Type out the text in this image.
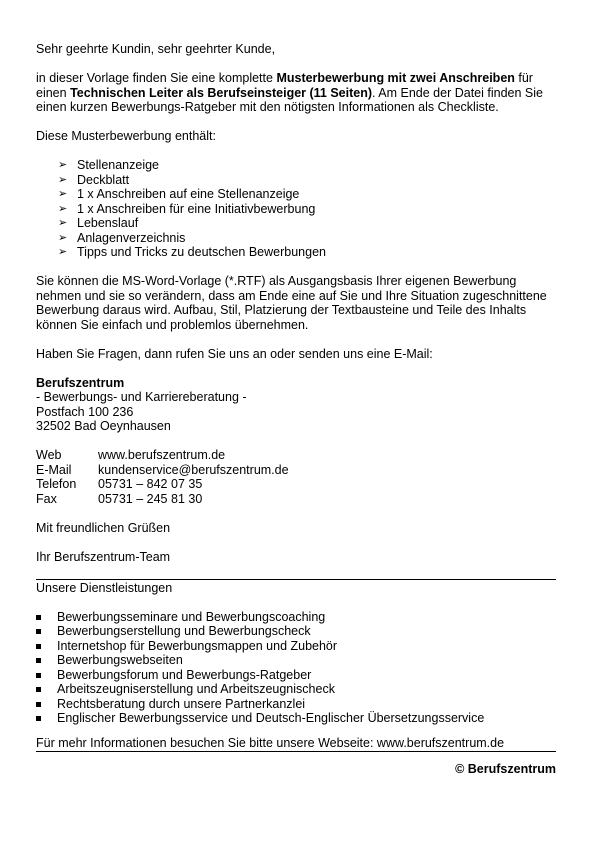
Sehr geehrte Kundin, sehr geehrter Kunde,

in dieser Vorlage finden Sie eine komplette Musterbewerbung mit zwei Anschreiben für einen Technischen Leiter als Berufseinsteiger (11 Seiten). Am Ende der Datei finden Sie einen kurzen Bewerbungs-Ratgeber mit den nötigsten Informationen als Checkliste.

Diese Musterbewerbung enthält:

➢ Stellenanzeige
➢ Deckblatt
➢ 1 x Anschreiben auf eine Stellenanzeige
➢ 1 x Anschreiben für eine Initiativbewerbung
➢ Lebenslauf
➢ Anlagenverzeichnis
➢ Tipps und Tricks zu deutschen Bewerbungen

Sie können die MS-Word-Vorlage (*.RTF) als Ausgangsbasis Ihrer eigenen Bewerbung nehmen und sie so verändern, dass am Ende eine auf Sie und Ihre Situation zugeschnittene Bewerbung daraus wird. Aufbau, Stil, Platzierung der Textbausteine und Teile des Inhalts können Sie einfach und problemlos übernehmen.

Haben Sie Fragen, dann rufen Sie uns an oder senden uns eine E-Mail:

Berufszentrum

- Bewerbungs- und Karriereberatung -

Postfach 100 236

32502 Bad Oeynhausen

Web	www.berufszentrum.de
E-Mail	kundenservice@berufszentrum.de
Telefon	05731 – 842 07 35
Fax	05731 – 245 81 30

Mit freundlichen Grüßen

Ihr Berufszentrum-Team

Unsere Dienstleistungen

Bewerbungsseminare und Bewerbungscoaching
Bewerbungserstellung und Bewerbungscheck
Internetshop für Bewerbungsmappen und Zubehör
Bewerbungswebseiten
Bewerbungsforum und Bewerbungs-Ratgeber
Arbeitszeugniserstellung und Arbeitszeugnischeck
Rechtsberatung durch unsere Partnerkanzlei
Englischer Bewerbungsservice und Deutsch-Englischer Übersetzungsservice

Für mehr Informationen besuchen Sie bitte unsere Webseite: www.berufszentrum.de

© Berufszentrum
